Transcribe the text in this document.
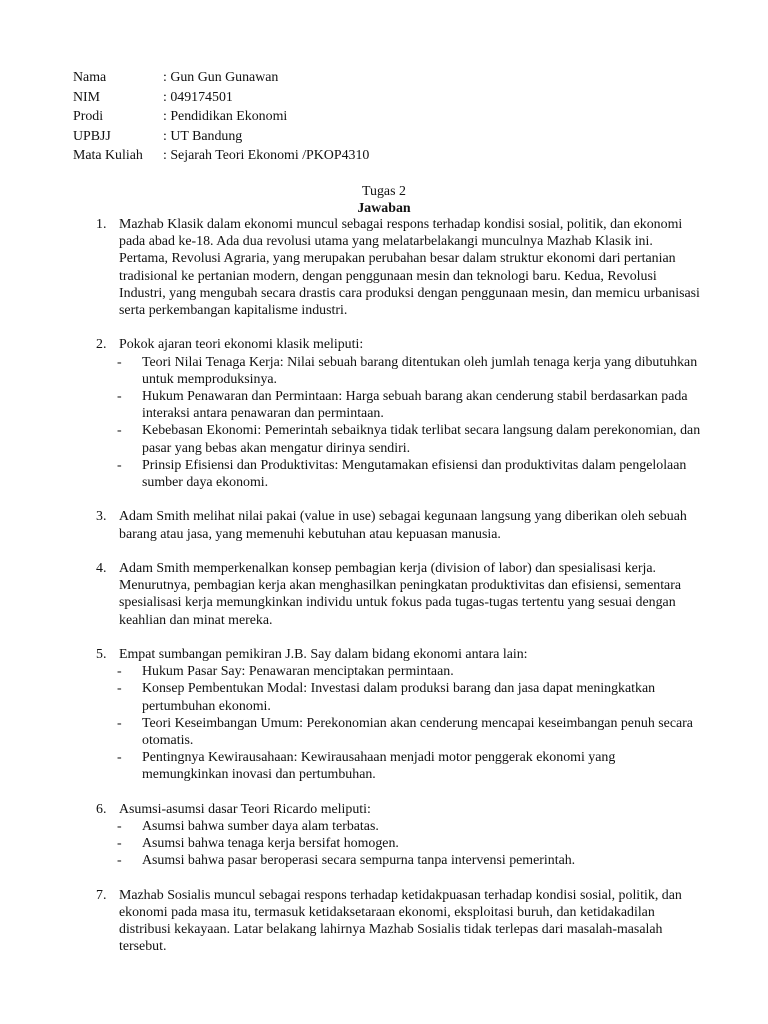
Nama	: Gun Gun Gunawan
NIM	: 049174501
Prodi	: Pendidikan Ekonomi
UPBJJ	: UT Bandung
Mata Kuliah	: Sejarah Teori Ekonomi /PKOP4310
Tugas 2
Jawaban
1. Mazhab Klasik dalam ekonomi muncul sebagai respons terhadap kondisi sosial, politik, dan ekonomi pada abad ke-18. Ada dua revolusi utama yang melatarbelakangi munculnya Mazhab Klasik ini. Pertama, Revolusi Agraria, yang merupakan perubahan besar dalam struktur ekonomi dari pertanian tradisional ke pertanian modern, dengan penggunaan mesin dan teknologi baru. Kedua, Revolusi Industri, yang mengubah secara drastis cara produksi dengan penggunaan mesin, dan memicu urbanisasi serta perkembangan kapitalisme industri.
2. Pokok ajaran teori ekonomi klasik meliputi:
- Teori Nilai Tenaga Kerja: Nilai sebuah barang ditentukan oleh jumlah tenaga kerja yang dibutuhkan untuk memproduksinya.
- Hukum Penawaran dan Permintaan: Harga sebuah barang akan cenderung stabil berdasarkan pada interaksi antara penawaran dan permintaan.
- Kebebasan Ekonomi: Pemerintah sebaiknya tidak terlibat secara langsung dalam perekonomian, dan pasar yang bebas akan mengatur dirinya sendiri.
- Prinsip Efisiensi dan Produktivitas: Mengutamakan efisiensi dan produktivitas dalam pengelolaan sumber daya ekonomi.
3. Adam Smith melihat nilai pakai (value in use) sebagai kegunaan langsung yang diberikan oleh sebuah barang atau jasa, yang memenuhi kebutuhan atau kepuasan manusia.
4. Adam Smith memperkenalkan konsep pembagian kerja (division of labor) dan spesialisasi kerja. Menurutnya, pembagian kerja akan menghasilkan peningkatan produktivitas dan efisiensi, sementara spesialisasi kerja memungkinkan individu untuk fokus pada tugas-tugas tertentu yang sesuai dengan keahlian dan minat mereka.
5. Empat sumbangan pemikiran J.B. Say dalam bidang ekonomi antara lain:
- Hukum Pasar Say: Penawaran menciptakan permintaan.
- Konsep Pembentukan Modal: Investasi dalam produksi barang dan jasa dapat meningkatkan pertumbuhan ekonomi.
- Teori Keseimbangan Umum: Perekonomian akan cenderung mencapai keseimbangan penuh secara otomatis.
- Pentingnya Kewirausahaan: Kewirausahaan menjadi motor penggerak ekonomi yang memungkinkan inovasi dan pertumbuhan.
6. Asumsi-asumsi dasar Teori Ricardo meliputi:
- Asumsi bahwa sumber daya alam terbatas.
- Asumsi bahwa tenaga kerja bersifat homogen.
- Asumsi bahwa pasar beroperasi secara sempurna tanpa intervensi pemerintah.
7. Mazhab Sosialis muncul sebagai respons terhadap ketidakpuasan terhadap kondisi sosial, politik, dan ekonomi pada masa itu, termasuk ketidaksetaraan ekonomi, eksploitasi buruh, dan ketidakadilan distribusi kekayaan. Latar belakang lahirnya Mazhab Sosialis tidak terlepas dari masalah-masalah tersebut.
